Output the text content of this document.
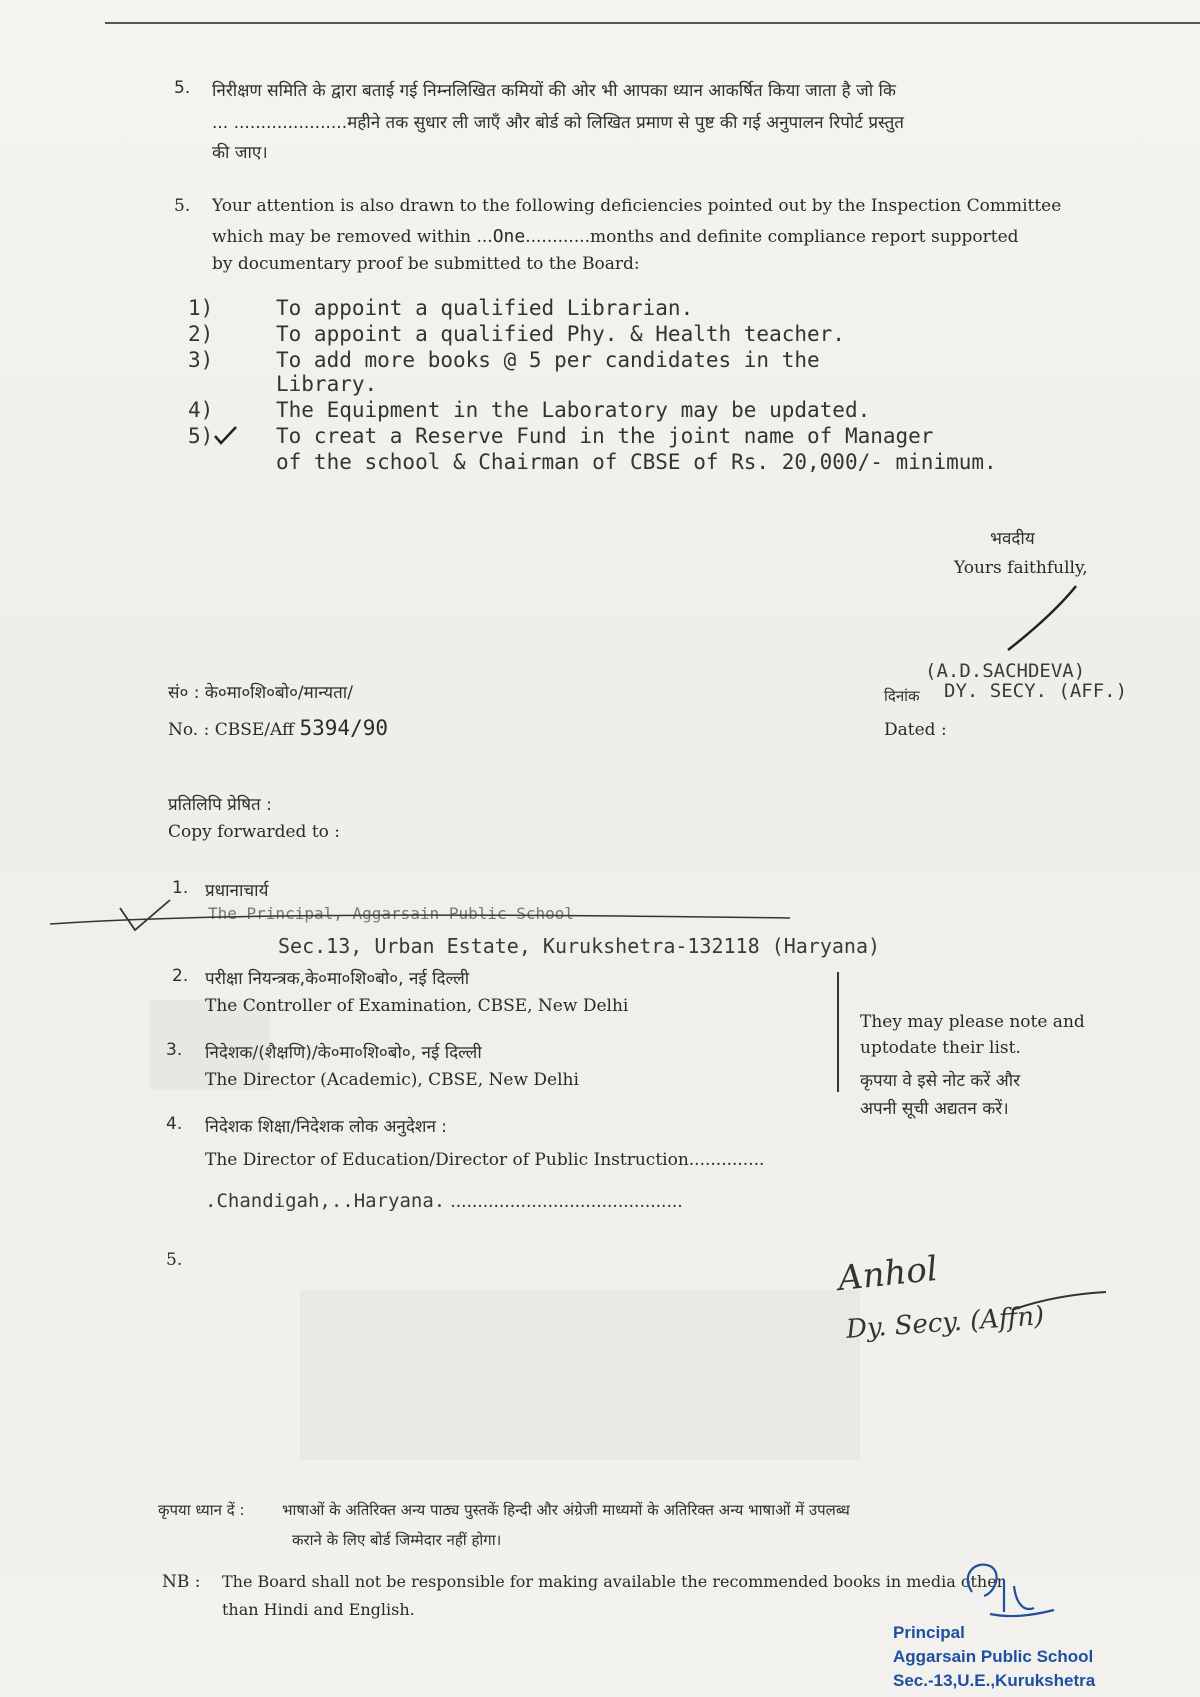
5. निरीक्षण समिति के द्वारा बताई गई निम्नलिखित कमियों की ओर भी आपका ध्यान आकर्षित किया जाता है जो कि
... .....................महीने तक सुधार ली जाएँ और बोर्ड को लिखित प्रमाण से पुष्ट की गई अनुपालन रिपोर्ट प्रस्तुत
की जाए।
5. Your attention is also drawn to the following deficiencies pointed out by the Inspection Committee
which may be removed within ...One............months and definite compliance report supported
by documentary proof be submitted to the Board:
1)	To appoint a qualified Librarian.
2)	To appoint a qualified Phy. & Health teacher.
3)	To add more books @ 5 per candidates in the
Library.
4)	The Equipment in the Laboratory may be updated.
5)	To creat a Reserve Fund in the joint name of Manager
of the school & Chairman of CBSE of Rs. 20,000/- minimum.
भवदीय
Yours faithfully,
(A.D.SACHDEVA)
दिनांक DY. SECY. (AFF.)
Dated :
सं० : के०मा०शि०बो०/मान्यता/
No. : CBSE/Aff 5394/90
प्रतिलिपि प्रेषित :
Copy forwarded to :
1. प्रधानाचार्य
The Principal, Aggarsain Public School
Sec.13, Urban Estate, Kurukshetra-132118 (Haryana)
2. परीक्षा नियन्त्रक,के०मा०शि०बो०, नई दिल्ली
The Controller of Examination, CBSE, New Delhi
3. निदेशक/(शैक्षणि)/के०मा०शि०बो०, नई दिल्ली
The Director (Academic), CBSE, New Delhi
4. निदेशक शिक्षा/निदेशक लोक अनुदेशन :
The Director of Education/Director of Public Instruction..............
.Chandigah,..Haryana. ...........................................
5.
They may please note and
uptodate their list.
कृपया वे इसे नोट करें और
अपनी सूची अद्यतन करें।
Anhol
Dy. Secy. (Affn)
कृपया ध्यान दें :	भाषाओं के अतिरिक्त अन्य पाठ्य पुस्तकें हिन्दी और अंग्रेजी माध्यमों के अतिरिक्त अन्य भाषाओं में उपलब्ध
कराने के लिए बोर्ड जिम्मेदार नहीं होगा।
NB : The Board shall not be responsible for making available the recommended books in media other
than Hindi and English.
Principal
Aggarsain Public School
Sec.-13,U.E.,Kurukshetra
